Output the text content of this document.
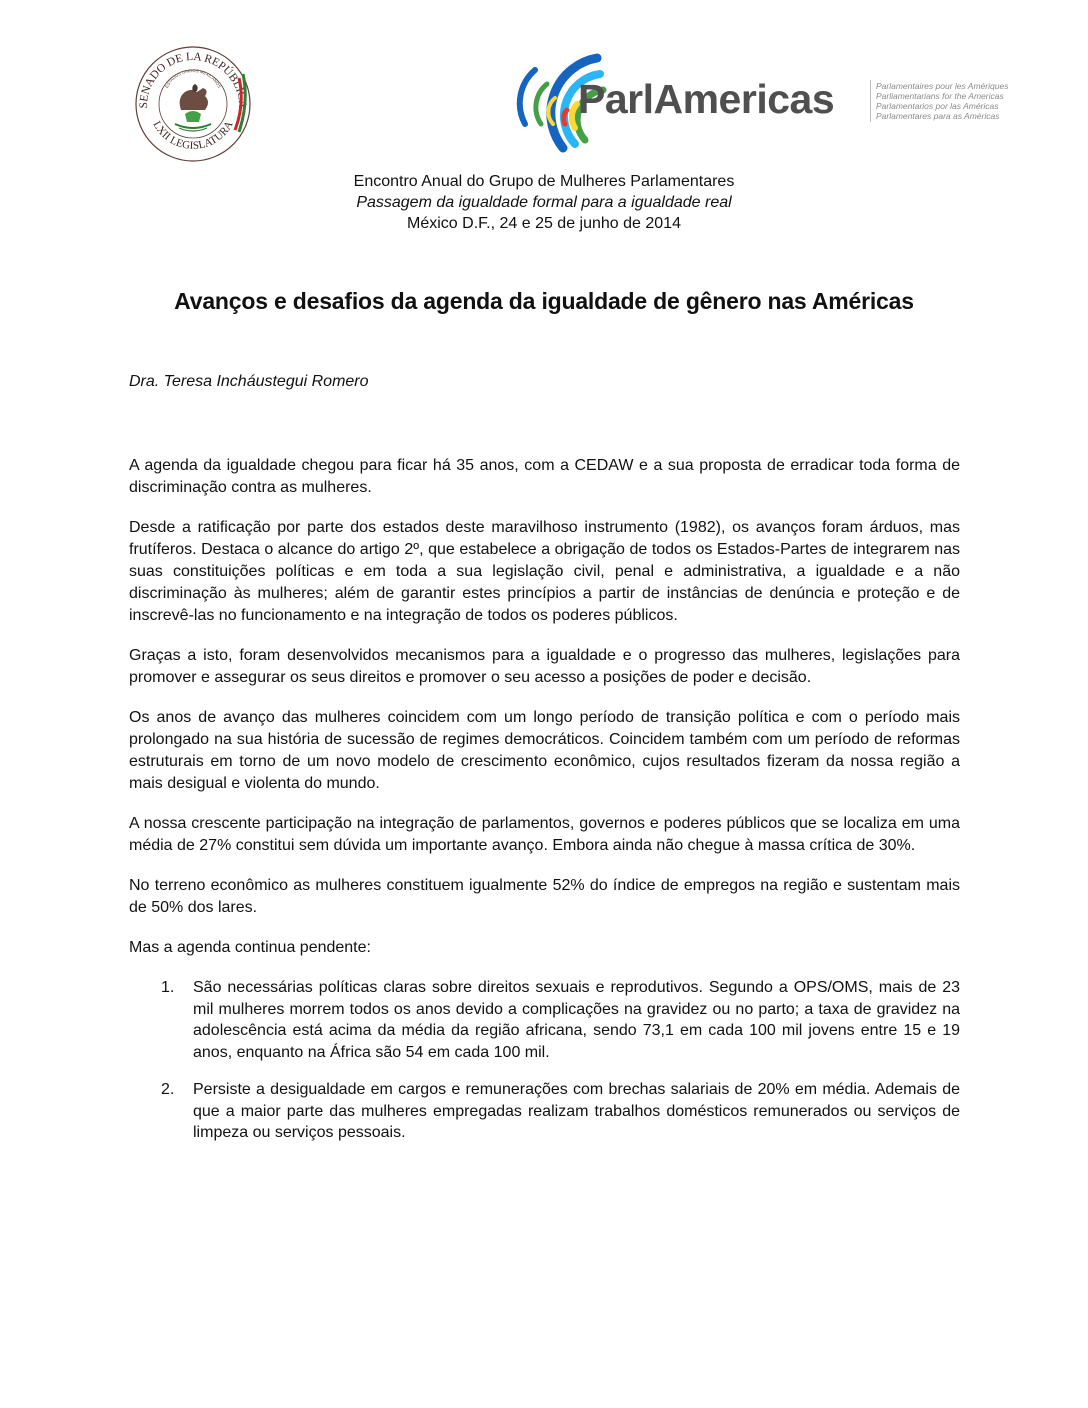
SENADO DE LA REPÚBLICA
LXII LEGISLATURA
ESTADOS UNIDOS MEXICANOS	ParlAmericas	Parlamentaires pour les Amériques
Parliamentarians for the Americas
Parlamentarios por las Américas
Parlamentares para as Américas
Encontro Anual do Grupo de Mulheres Parlamentares
Passagem da igualdade formal para a igualdade real
México D.F., 24 e 25 de junho de 2014
Avanços e desafios da agenda da igualdade de gênero nas Américas
Dra. Teresa Incháustegui Romero

A agenda da igualdade chegou para ficar há 35 anos, com a CEDAW e a sua proposta de erradicar toda forma de discriminação contra as mulheres.

Desde a ratificação por parte dos estados deste maravilhoso instrumento (1982), os avanços foram árduos, mas frutíferos. Destaca o alcance do artigo 2º, que estabelece a obrigação de todos os Estados-Partes de integrarem nas suas constituições políticas e em toda a sua legislação civil, penal e administrativa, a igualdade e a não discriminação às mulheres; além de garantir estes princípios a partir de instâncias de denúncia e proteção e de inscrevê-las no funcionamento e na integração de todos os poderes públicos.

Graças a isto, foram desenvolvidos mecanismos para a igualdade e o progresso das mulheres, legislações para promover e assegurar os seus direitos e promover o seu acesso a posições de poder e decisão.

Os anos de avanço das mulheres coincidem com um longo período de transição política e com o período mais prolongado na sua história de sucessão de regimes democráticos. Coincidem também com um período de reformas estruturais em torno de um novo modelo de crescimento econômico, cujos resultados fizeram da nossa região a mais desigual e violenta do mundo.

A nossa crescente participação na integração de parlamentos, governos e poderes públicos que se localiza em uma média de 27% constitui sem dúvida um importante avanço. Embora ainda não chegue à massa crítica de 30%.

No terreno econômico as mulheres constituem igualmente 52% do índice de empregos na região e sustentam mais de 50% dos lares.

Mas a agenda continua pendente:

1. São necessárias políticas claras sobre direitos sexuais e reprodutivos. Segundo a OPS/OMS, mais de 23 mil mulheres morrem todos os anos devido a complicações na gravidez ou no parto; a taxa de gravidez na adolescência está acima da média da região africana, sendo 73,1 em cada 100 mil jovens entre 15 e 19 anos, enquanto na África são 54 em cada 100 mil.
2. Persiste a desigualdade em cargos e remunerações com brechas salariais de 20% em média. Ademais de que a maior parte das mulheres empregadas realizam trabalhos domésticos remunerados ou serviços de limpeza ou serviços pessoais.
